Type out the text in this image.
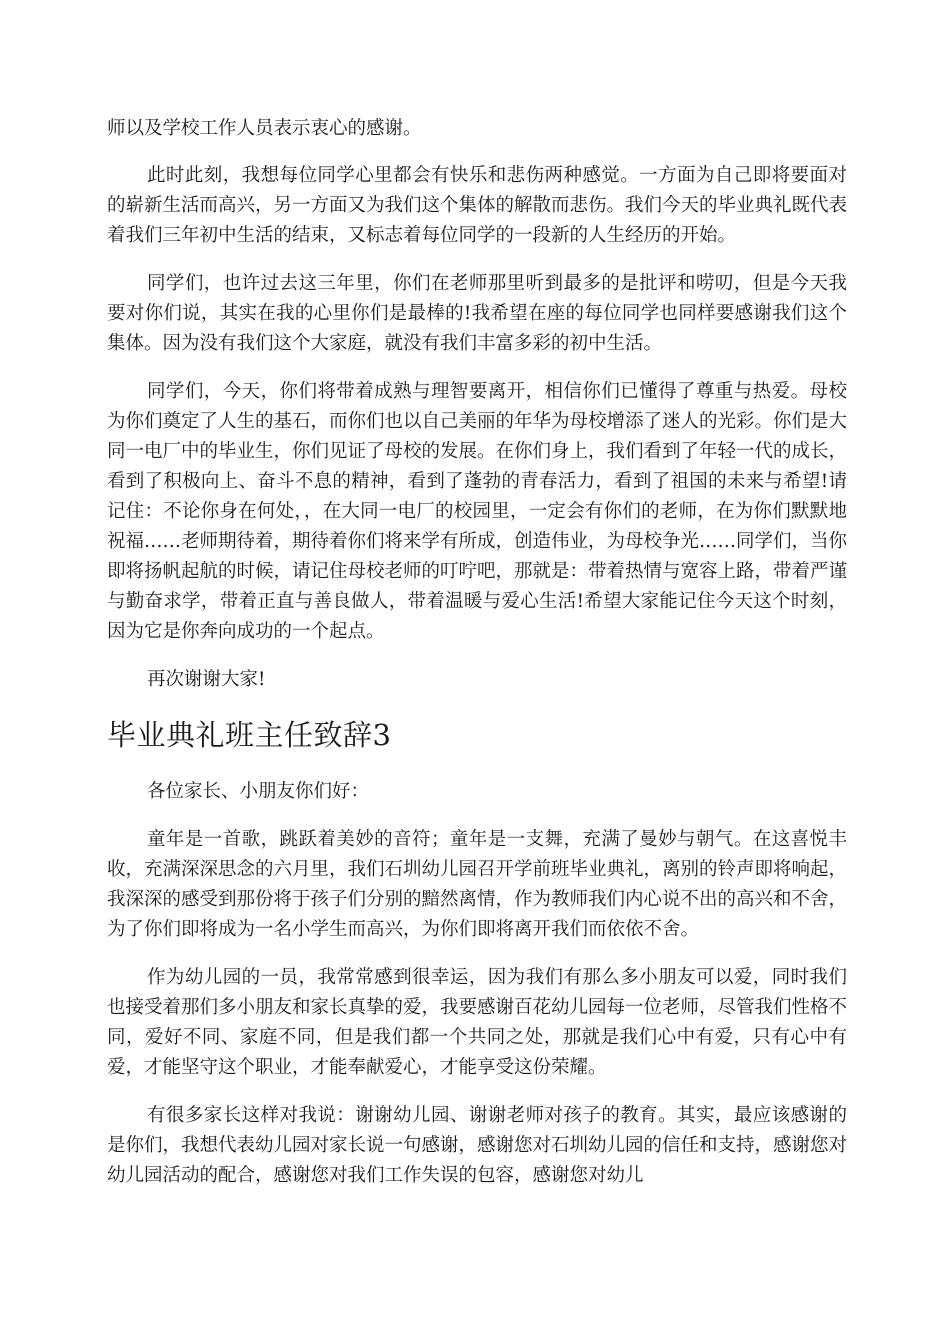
师以及学校工作人员表示衷心的感谢。

此时此刻，我想每位同学心里都会有快乐和悲伤两种感觉。一方面为自己即将要面对的崭新生活而高兴，另一方面又为我们这个集体的解散而悲伤。我们今天的毕业典礼既代表着我们三年初中生活的结束，又标志着每位同学的一段新的人生经历的开始。

同学们，也许过去这三年里，你们在老师那里听到最多的是批评和唠叨，但是今天我要对你们说，其实在我的心里你们是最棒的!我希望在座的每位同学也同样要感谢我们这个集体。因为没有我们这个大家庭，就没有我们丰富多彩的初中生活。

同学们，今天，你们将带着成熟与理智要离开，相信你们已懂得了尊重与热爱。母校为你们奠定了人生的基石，而你们也以自己美丽的年华为母校增添了迷人的光彩。你们是大同一电厂中的毕业生，你们见证了母校的发展。在你们身上，我们看到了年轻一代的成长，看到了积极向上、奋斗不息的精神，看到了蓬勃的青春活力，看到了祖国的未来与希望!请记住：不论你身在何处，，在大同一电厂的校园里，一定会有你们的老师，在为你们默默地祝福……老师期待着，期待着你们将来学有所成，创造伟业，为母校争光……同学们，当你即将扬帆起航的时候，请记住母校老师的叮咛吧，那就是：带着热情与宽容上路，带着严谨与勤奋求学，带着正直与善良做人，带着温暖与爱心生活!希望大家能记住今天这个时刻，因为它是你奔向成功的一个起点。

再次谢谢大家!

毕业典礼班主任致辞3

各位家长、小朋友你们好：

童年是一首歌，跳跃着美妙的音符；童年是一支舞，充满了曼妙与朝气。在这喜悦丰收，充满深深思念的六月里，我们石圳幼儿园召开学前班毕业典礼，离别的铃声即将响起，我深深的感受到那份将于孩子们分别的黯然离情，作为教师我们内心说不出的高兴和不舍，为了你们即将成为一名小学生而高兴，为你们即将离开我们而依依不舍。

作为幼儿园的一员，我常常感到很幸运，因为我们有那么多小朋友可以爱，同时我们也接受着那们多小朋友和家长真挚的爱，我要感谢百花幼儿园每一位老师，尽管我们性格不同，爱好不同、家庭不同，但是我们都一个共同之处，那就是我们心中有爱，只有心中有爱，才能坚守这个职业，才能奉献爱心，才能享受这份荣耀。

有很多家长这样对我说：谢谢幼儿园、谢谢老师对孩子的教育。其实，最应该感谢的是你们，我想代表幼儿园对家长说一句感谢，感谢您对石圳幼儿园的信任和支持，感谢您对幼儿园活动的配合，感谢您对我们工作失误的包容，感谢您对幼儿
